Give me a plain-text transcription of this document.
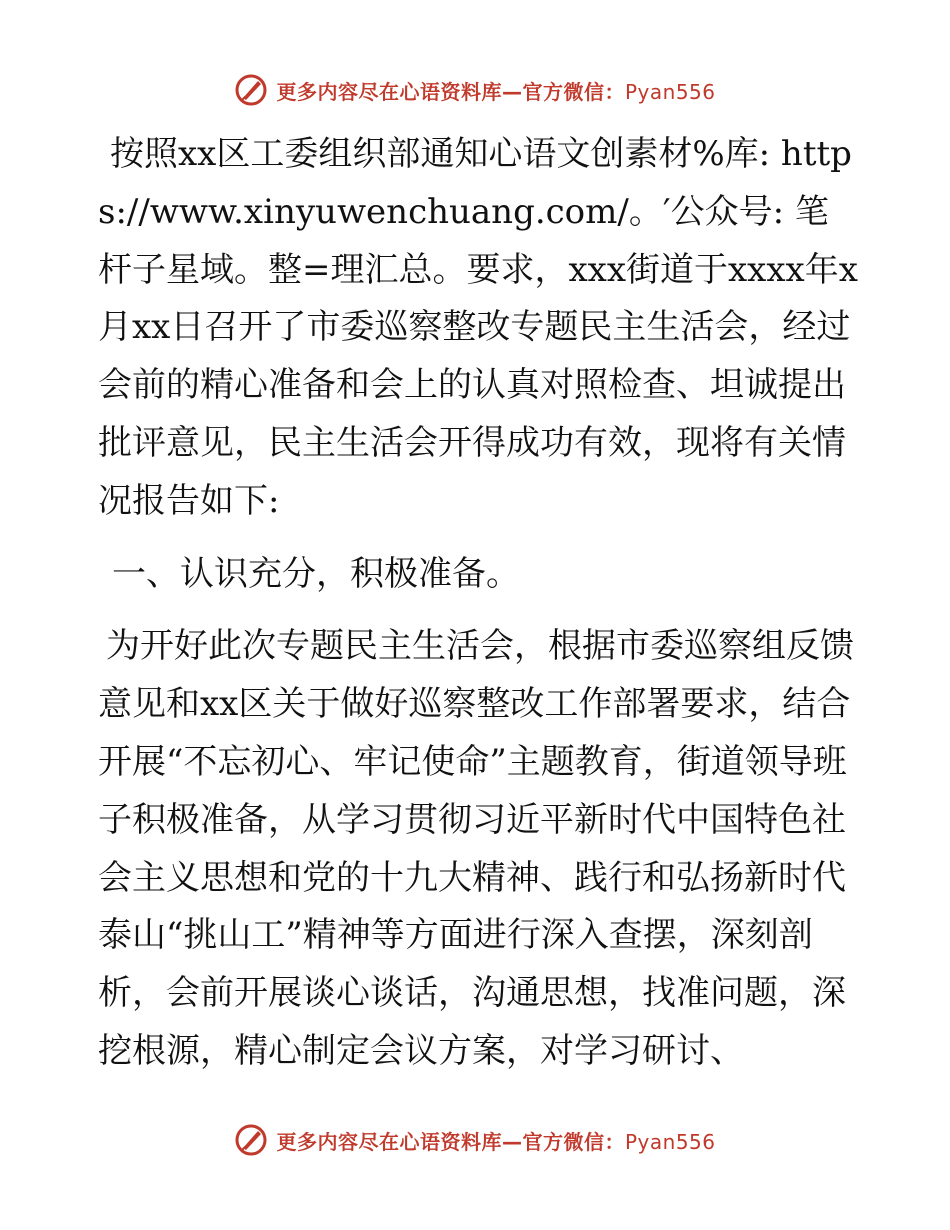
更多内容尽在心语资料库—官方微信：Pyan556

按照xx区工委组织部通知心语文创素材%库: https://www.xinyuwenchuang.com/。′公众号: 笔杆子星域。整=理汇总。要求，xxx街道于xxxx年x月xx日召开了市委巡察整改专题民主生活会，经过会前的精心准备和会上的认真对照检查、坦诚提出批评意见，民主生活会开得成功有效，现将有关情况报告如下:

一、认识充分，积极准备。

为开好此次专题民主生活会，根据市委巡察组反馈意见和xx区关于做好巡察整改工作部署要求，结合开展“不忘初心、牢记使命”主题教育，街道领导班子积极准备，从学习贯彻习近平新时代中国特色社会主义思想和党的十九大精神、践行和弘扬新时代泰山“挑山工”精神等方面进行深入查摆，深刻剖析，会前开展谈心谈话，沟通思想，找准问题，深挖根源，精心制定会议方案，对学习研讨、

更多内容尽在心语资料库—官方微信：Pyan556
